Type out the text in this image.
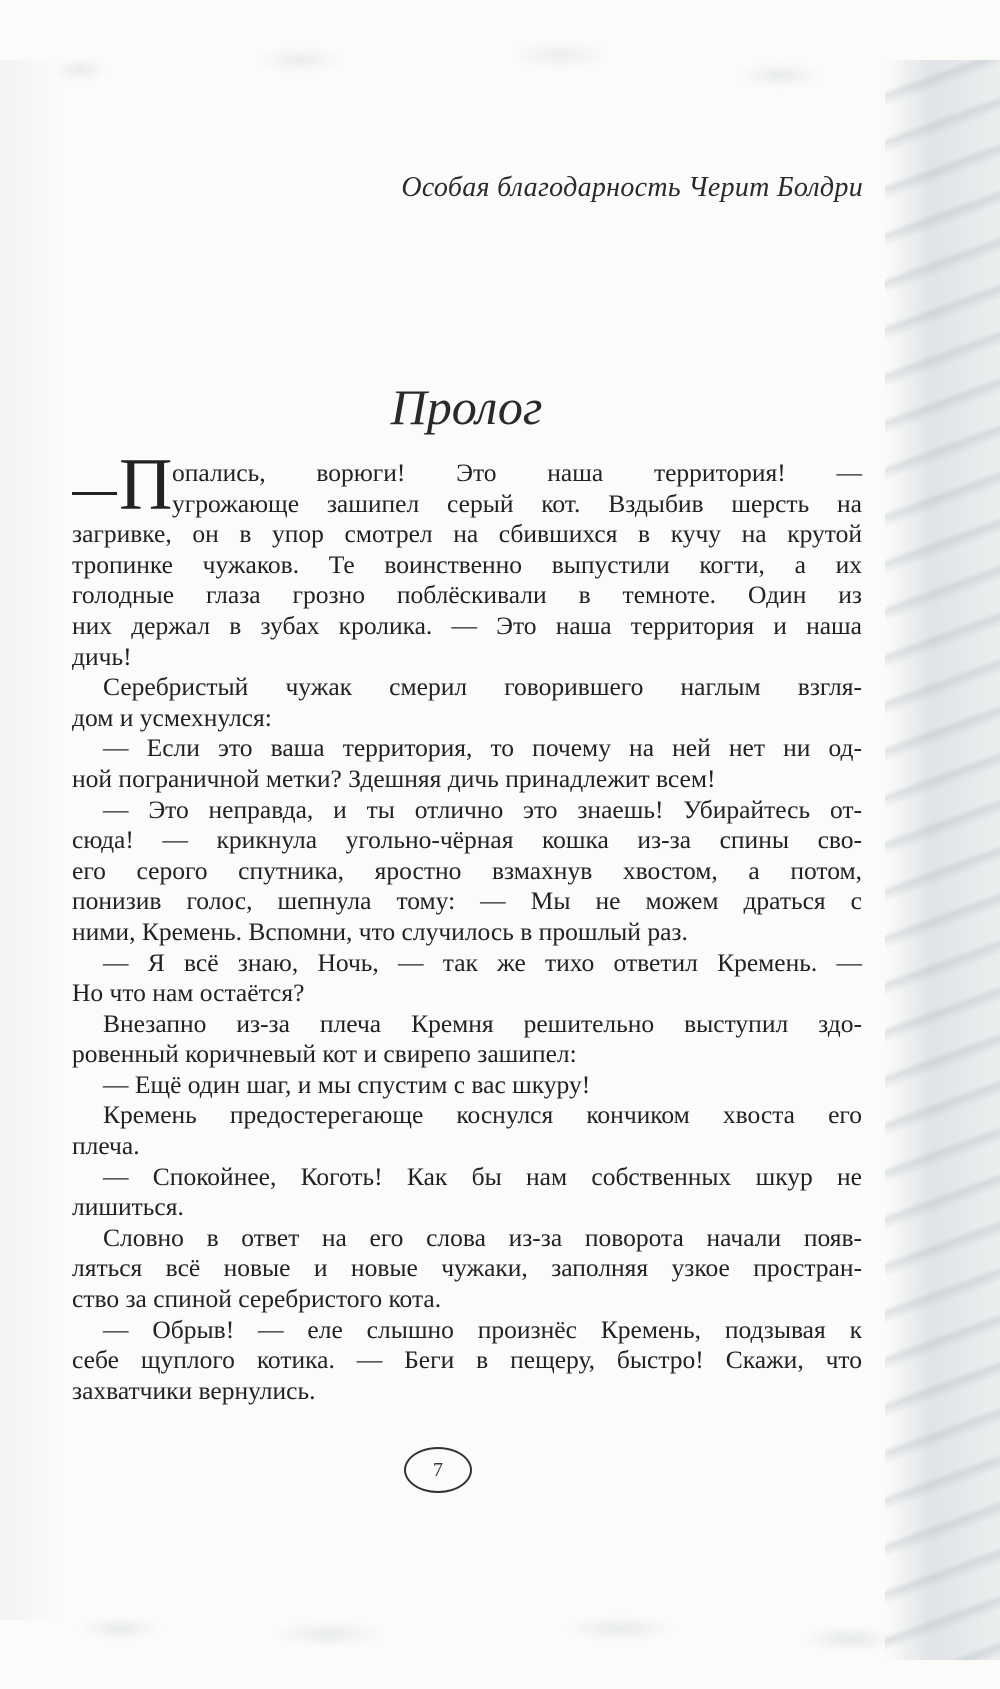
Особая благодарность Черит Болдри
Пролог
П опались, ворюги! Это наша территория! —
угрожающе зашипел серый кот. Вздыбив шерсть на
загривке, он в упор смотрел на сбившихся в кучу на крутой
тропинке чужаков. Те воинственно выпустили когти, а их
голодные глаза грозно поблёскивали в темноте. Один из
них держал в зубах кролика. — Это наша территория и наша
дичь!
Серебристый чужак смерил говорившего наглым взгля-
дом и усмехнулся:
— Если это ваша территория, то почему на ней нет ни од-
ной пограничной метки? Здешняя дичь принадлежит всем!
— Это неправда, и ты отлично это знаешь! Убирайтесь от-
сюда! — крикнула угольно-чёрная кошка из-за спины сво-
его серого спутника, яростно взмахнув хвостом, а потом,
понизив голос, шепнула тому: — Мы не можем драться с
ними, Кремень. Вспомни, что случилось в прошлый раз.
— Я всё знаю, Ночь, — так же тихо ответил Кремень. —
Но что нам остаётся?
Внезапно из-за плеча Кремня решительно выступил здо-
ровенный коричневый кот и свирепо зашипел:
— Ещё один шаг, и мы спустим с вас шкуру!
Кремень предостерегающе коснулся кончиком хвоста его
плеча.
— Спокойнее, Коготь! Как бы нам собственных шкур не
лишиться.
Словно в ответ на его слова из-за поворота начали появ-
ляться всё новые и новые чужаки, заполняя узкое простран-
ство за спиной серебристого кота.
— Обрыв! — еле слышно произнёс Кремень, подзывая к
себе щуплого котика. — Беги в пещеру, быстро! Скажи, что
захватчики вернулись.
7
